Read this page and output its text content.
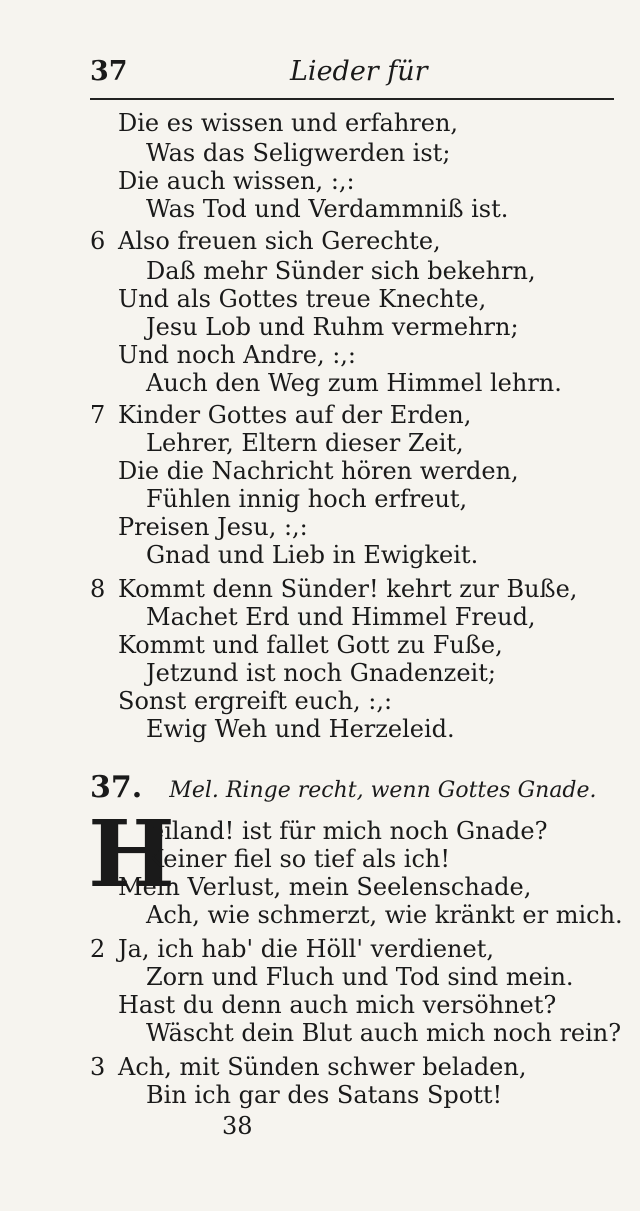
37	Lieder für
Die es wissen und erfahren,
Was das Seligwerden ist;
Die auch wissen, :,:
Was Tod und Verdammniß ist.
6 Also freuen sich Gerechte,
Daß mehr Sünder sich bekehrn,
Und als Gottes treue Knechte,
Jesu Lob und Ruhm vermehrn;
Und noch Andre, :,:
Auch den Weg zum Himmel lehrn.
7 Kinder Gottes auf der Erden,
Lehrer, Eltern dieser Zeit,
Die die Nachricht hören werden,
Fühlen innig hoch erfreut,
Preisen Jesu, :,:
Gnad und Lieb in Ewigkeit.
8 Kommt denn Sünder! kehrt zur Buße,
Machet Erd und Himmel Freud,
Kommt und fallet Gott zu Fuße,
Jetzund ist noch Gnadenzeit;
Sonst ergreift euch, :,:
Ewig Weh und Herzeleid.
37. Mel. Ringe recht, wenn Gottes Gnade.
H
eiland! ist für mich noch Gnade?
Keiner fiel so tief als ich!
Mein Verlust, mein Seelenschade,
Ach, wie schmerzt, wie kränkt er mich.
2 Ja, ich hab' die Höll' verdienet,
Zorn und Fluch und Tod sind mein.
Hast du denn auch mich versöhnet?
Wäscht dein Blut auch mich noch rein?
3 Ach, mit Sünden schwer beladen,
Bin ich gar des Satans Spott!
38
